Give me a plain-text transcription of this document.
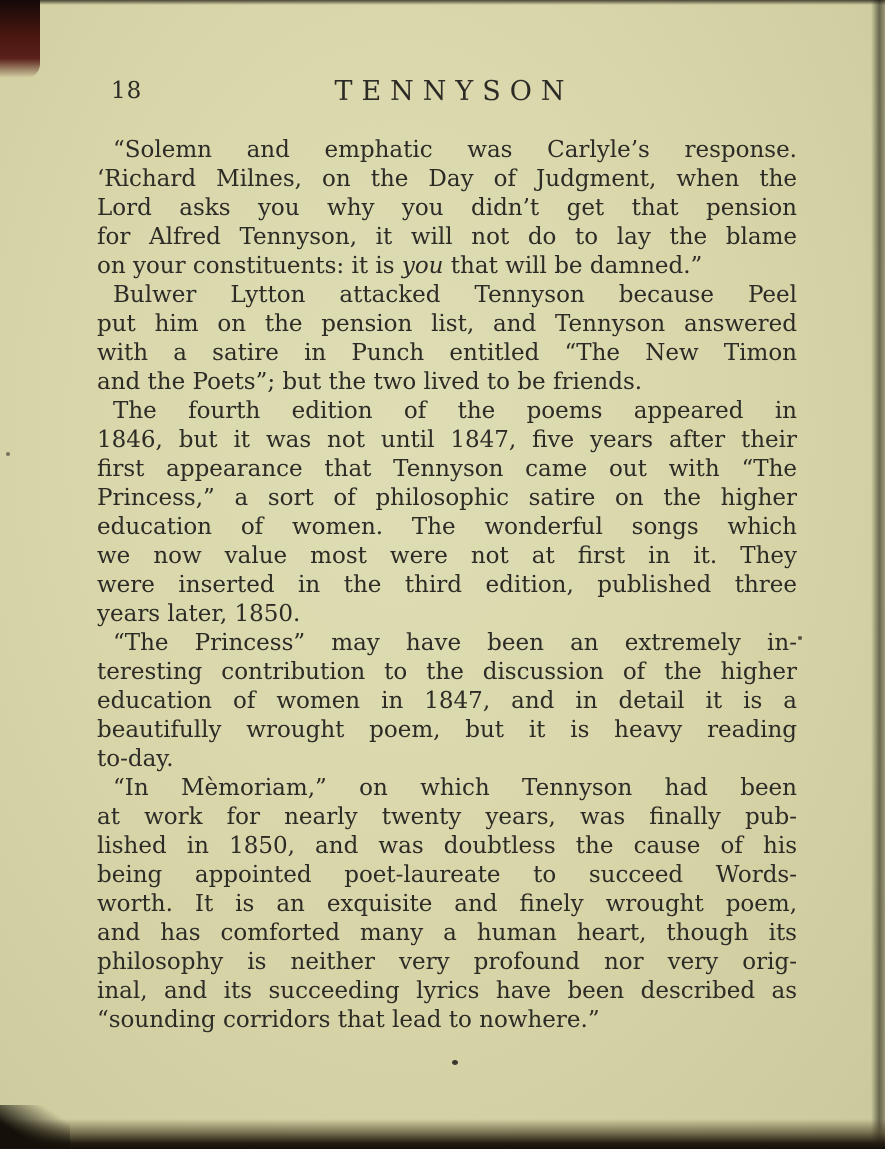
18	TENNYSON
“Solemn and emphatic was Carlyle’s response.
‘Richard Milnes, on the Day of Judgment, when the
Lord asks you why you didn’t get that pension
for Alfred Tennyson, it will not do to lay the blame
on your constituents: it is you that will be damned.”
Bulwer Lytton attacked Tennyson because Peel
put him on the pension list, and Tennyson answered
with a satire in Punch entitled “The New Timon
and the Poets”; but the two lived to be friends.
The fourth edition of the poems appeared in
1846, but it was not until 1847, five years after their
first appearance that Tennyson came out with “The
Princess,” a sort of philosophic satire on the higher
education of women. The wonderful songs which
we now value most were not at first in it. They
were inserted in the third edition, published three
years later, 1850.
“The Princess” may have been an extremely in-
teresting contribution to the discussion of the higher
education of women in 1847, and in detail it is a
beautifully wrought poem, but it is heavy reading
to-day.
“In Mèmoriam,” on which Tennyson had been
at work for nearly twenty years, was finally pub-
lished in 1850, and was doubtless the cause of his
being appointed poet-laureate to succeed Words-
worth. It is an exquisite and finely wrought poem,
and has comforted many a human heart, though its
philosophy is neither very profound nor very orig-
inal, and its succeeding lyrics have been described as
“sounding corridors that lead to nowhere.”
